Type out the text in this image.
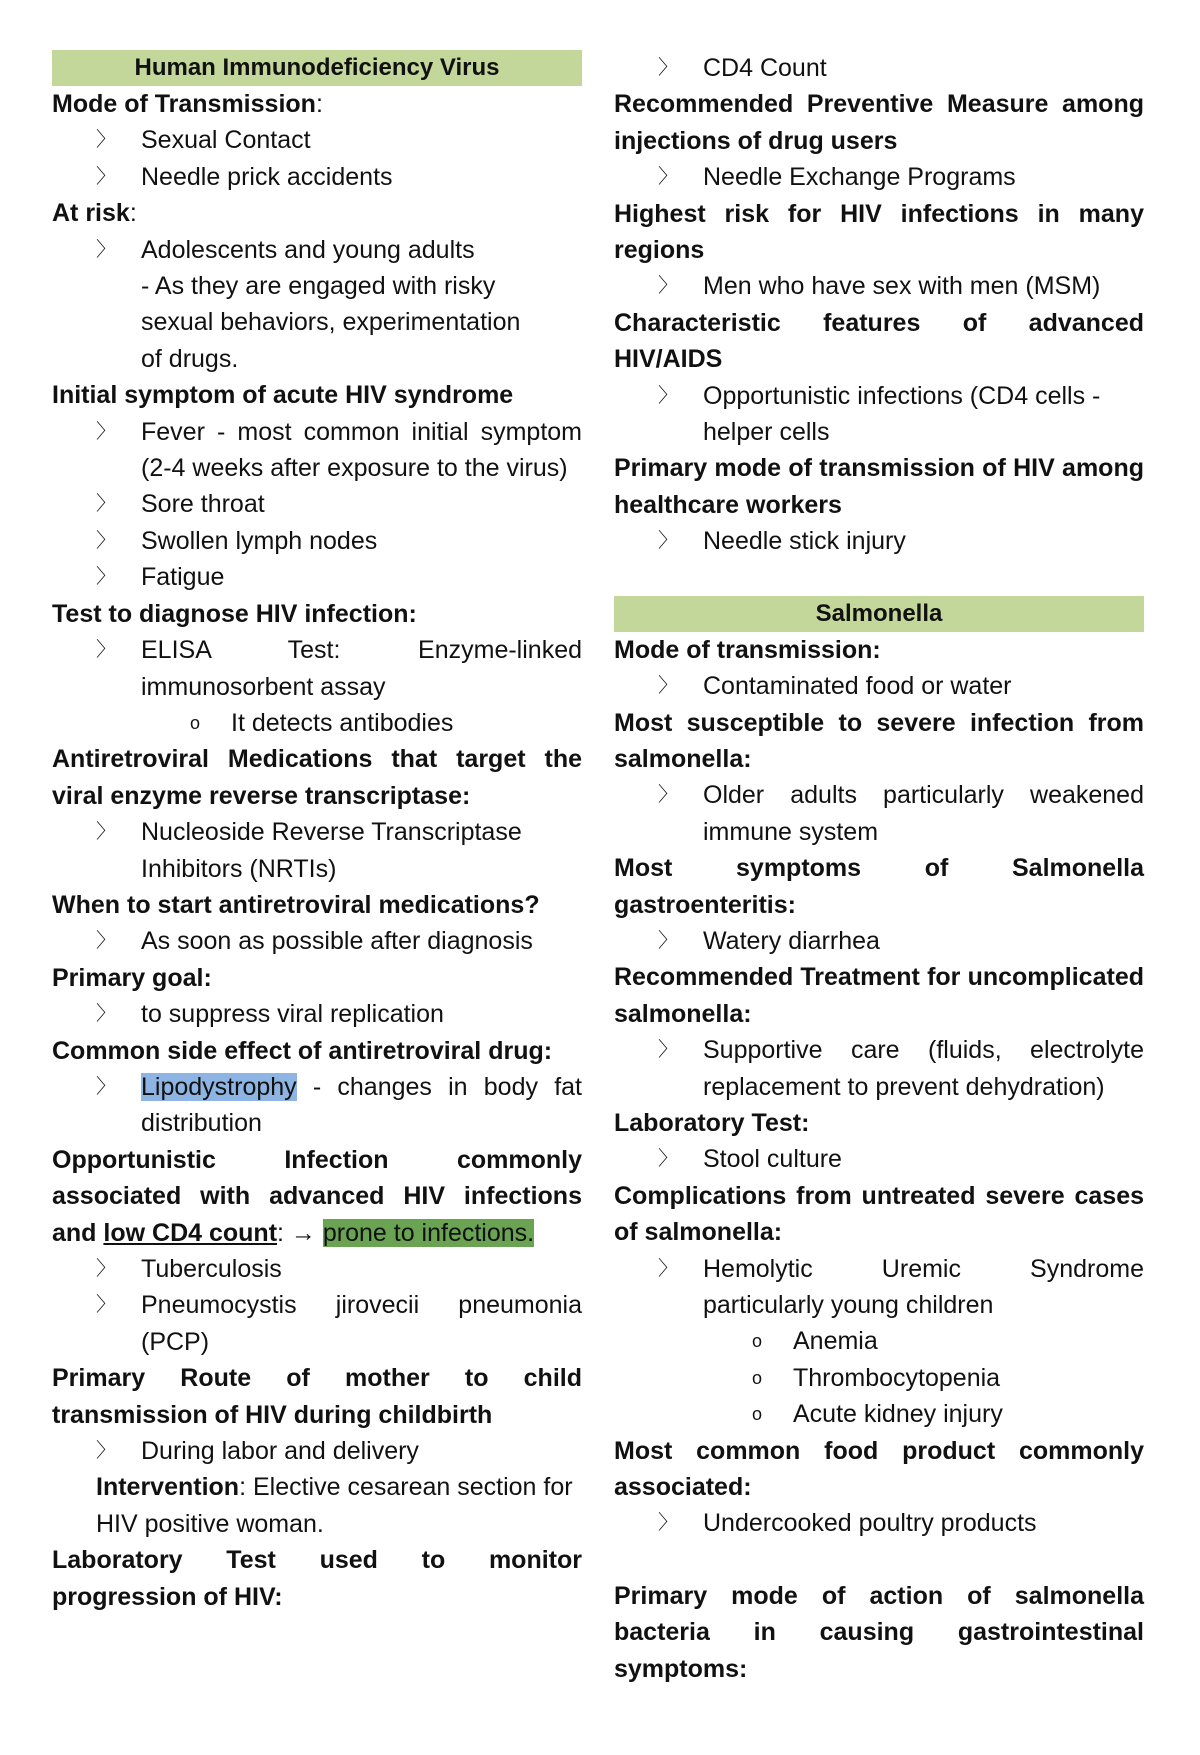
Human Immunodeficiency Virus
Mode of Transmission:
〉 Sexual Contact
〉 Needle prick accidents
At risk:
〉 Adolescents and young adults
- As they are engaged with risky sexual behaviors, experimentation of drugs.
Initial symptom of acute HIV syndrome
〉 Fever - most common initial symptom (2-4 weeks after exposure to the virus)
〉 Sore throat
〉 Swollen lymph nodes
〉 Fatigue
Test to diagnose HIV infection:
〉 ELISA Test: Enzyme-linked immunosorbent assay
o It detects antibodies
Antiretroviral Medications that target the viral enzyme reverse transcriptase:
〉 Nucleoside Reverse Transcriptase Inhibitors (NRTIs)
When to start antiretroviral medications?
〉 As soon as possible after diagnosis
Primary goal:
〉 to suppress viral replication
Common side effect of antiretroviral drug:
〉 Lipodystrophy - changes in body fat distribution
Opportunistic Infection commonly associated with advanced HIV infections and low CD4 count: → prone to infections.
〉 Tuberculosis
〉 Pneumocystis jirovecii pneumonia (PCP)
Primary Route of mother to child transmission of HIV during childbirth
〉 During labor and delivery
Intervention: Elective cesarean section for HIV positive woman.
Laboratory Test used to monitor progression of HIV:
〉 CD4 Count
Recommended Preventive Measure among injections of drug users
〉 Needle Exchange Programs
Highest risk for HIV infections in many regions
〉 Men who have sex with men (MSM)
Characteristic features of advanced HIV/AIDS
〉 Opportunistic infections (CD4 cells - helper cells
Primary mode of transmission of HIV among healthcare workers
〉 Needle stick injury
Salmonella
Mode of transmission:
〉 Contaminated food or water
Most susceptible to severe infection from salmonella:
〉 Older adults particularly weakened immune system
Most symptoms of Salmonella gastroenteritis:
〉 Watery diarrhea
Recommended Treatment for uncomplicated salmonella:
〉 Supportive care (fluids, electrolyte replacement to prevent dehydration)
Laboratory Test:
〉 Stool culture
Complications from untreated severe cases of salmonella:
〉 Hemolytic Uremic Syndrome particularly young children
o Anemia
o Thrombocytopenia
o Acute kidney injury
Most common food product commonly associated:
〉 Undercooked poultry products
Primary mode of action of salmonella bacteria in causing gastrointestinal symptoms:
